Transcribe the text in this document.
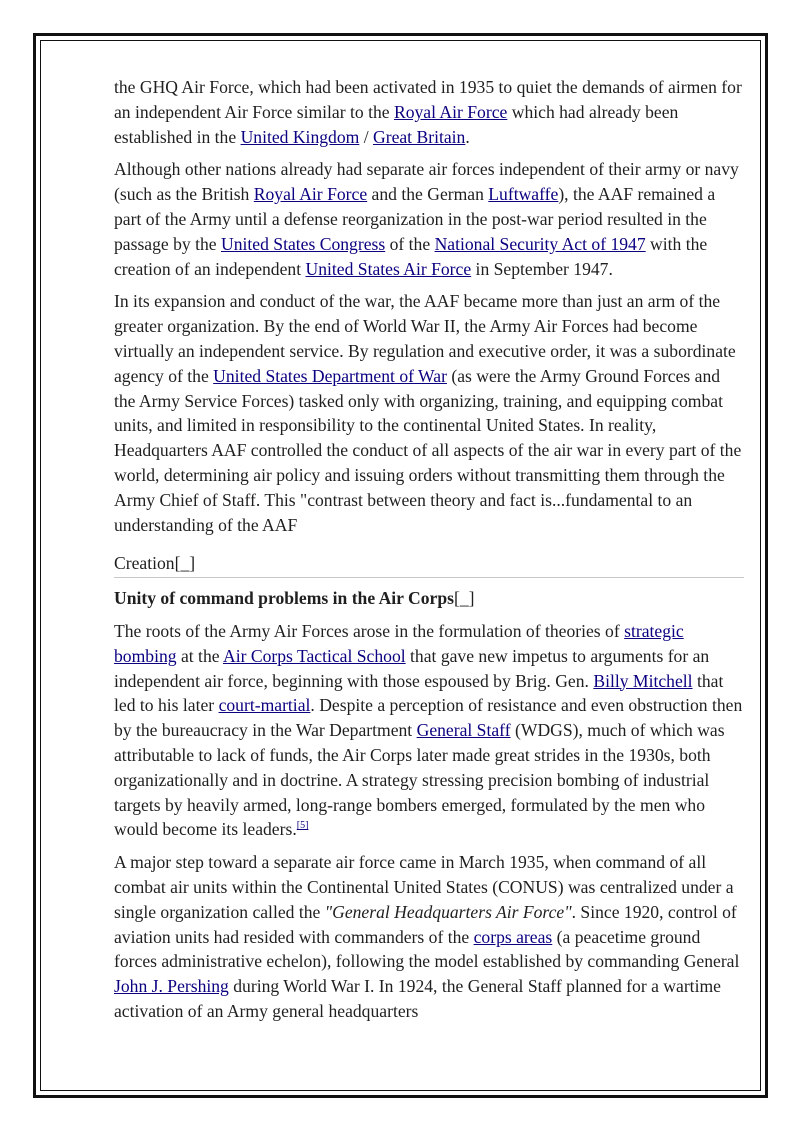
the GHQ Air Force, which had been activated in 1935 to quiet the demands of airmen for an independent Air Force similar to the Royal Air Force which had already been established in the United Kingdom / Great Britain.

Although other nations already had separate air forces independent of their army or navy (such as the British Royal Air Force and the German Luftwaffe), the AAF remained a part of the Army until a defense reorganization in the post-war period resulted in the passage by the United States Congress of the National Security Act of 1947 with the creation of an independent United States Air Force in September 1947.

In its expansion and conduct of the war, the AAF became more than just an arm of the greater organization. By the end of World War II, the Army Air Forces had become virtually an independent service. By regulation and executive order, it was a subordinate agency of the United States Department of War (as were the Army Ground Forces and the Army Service Forces) tasked only with organizing, training, and equipping combat units, and limited in responsibility to the continental United States. In reality, Headquarters AAF controlled the conduct of all aspects of the air war in every part of the world, determining air policy and issuing orders without transmitting them through the Army Chief of Staff. This "contrast between theory and fact is...fundamental to an understanding of the AAF

Creation[_]
Unity of command problems in the Air Corps[_]

The roots of the Army Air Forces arose in the formulation of theories of strategic bombing at the Air Corps Tactical School that gave new impetus to arguments for an independent air force, beginning with those espoused by Brig. Gen. Billy Mitchell that led to his later court-martial. Despite a perception of resistance and even obstruction then by the bureaucracy in the War Department General Staff (WDGS), much of which was attributable to lack of funds, the Air Corps later made great strides in the 1930s, both organizationally and in doctrine. A strategy stressing precision bombing of industrial targets by heavily armed, long-range bombers emerged, formulated by the men who would become its leaders.[5]

A major step toward a separate air force came in March 1935, when command of all combat air units within the Continental United States (CONUS) was centralized under a single organization called the "General Headquarters Air Force". Since 1920, control of aviation units had resided with commanders of the corps areas (a peacetime ground forces administrative echelon), following the model established by commanding General John J. Pershing during World War I. In 1924, the General Staff planned for a wartime activation of an Army general headquarters
